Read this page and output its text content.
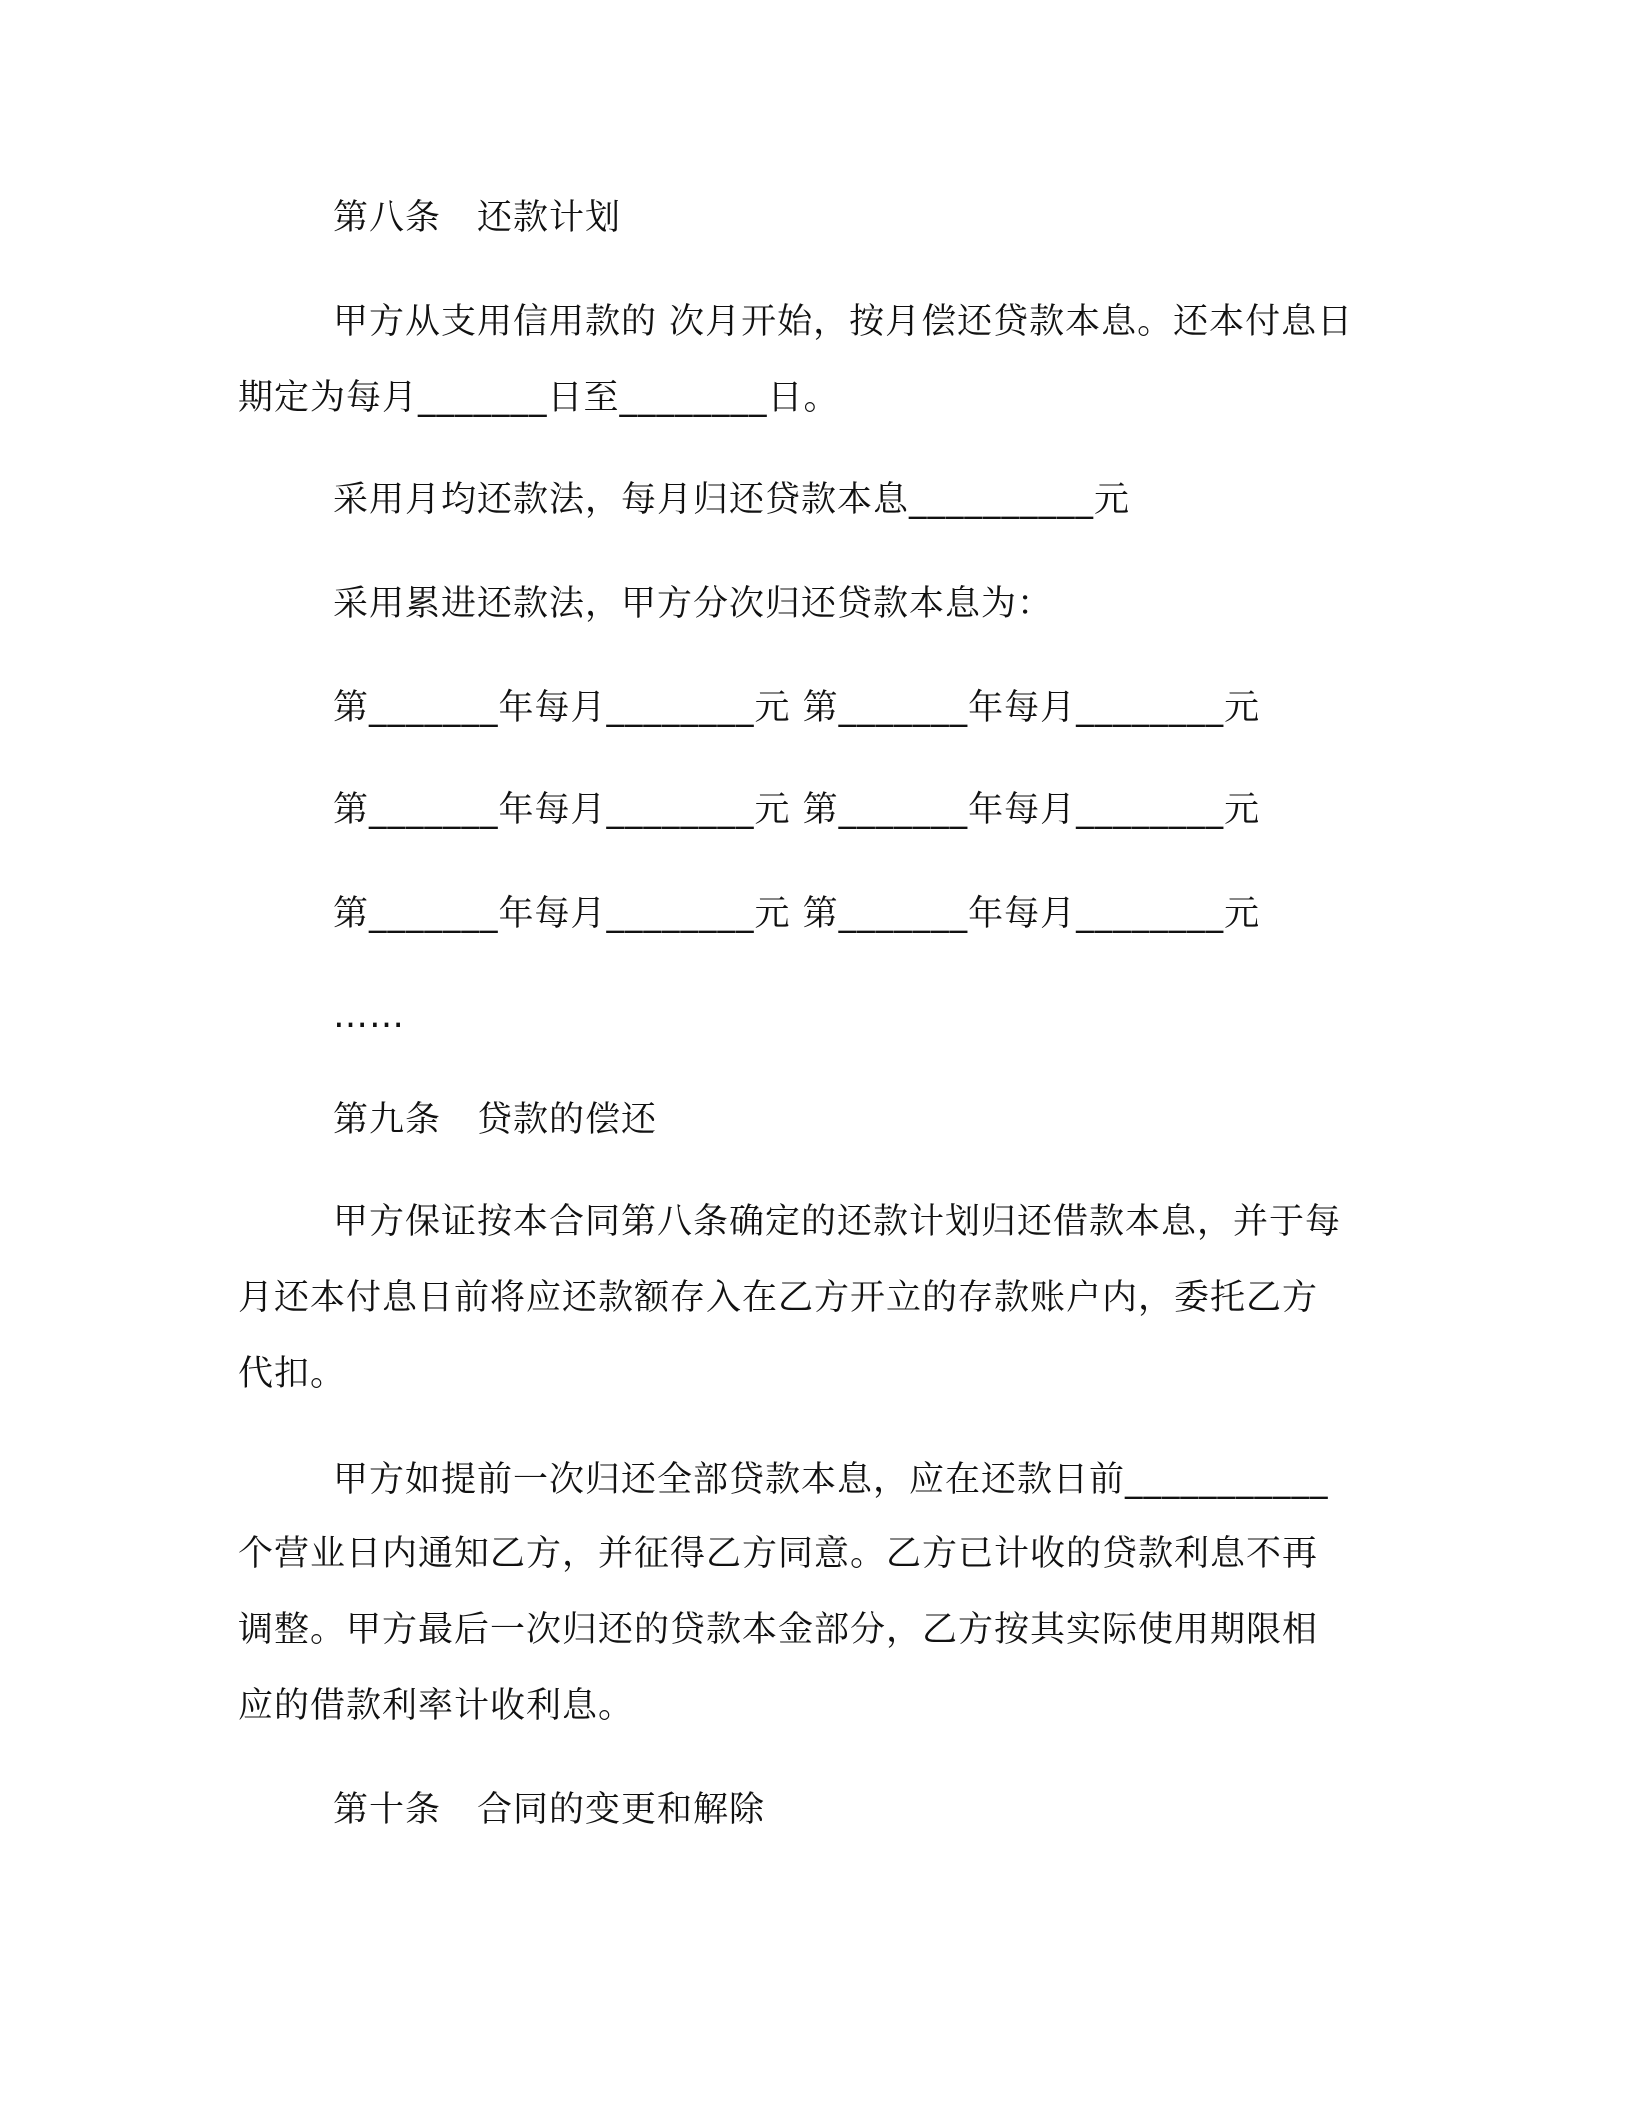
第八条　还款计划
甲方从支用信用款的 次月开始，按月偿还贷款本息。还本付息日
期定为每月_______日至________日。
采用月均还款法，每月归还贷款本息__________元
采用累进还款法，甲方分次归还贷款本息为：
第_______年每月________元 第_______年每月________元
第_______年每月________元 第_______年每月________元
第_______年每月________元 第_______年每月________元
……
第九条　贷款的偿还
甲方保证按本合同第八条确定的还款计划归还借款本息，并于每
月还本付息日前将应还款额存入在乙方开立的存款账户内，委托乙方
代扣。
甲方如提前一次归还全部贷款本息，应在还款日前___________
个营业日内通知乙方，并征得乙方同意。乙方已计收的贷款利息不再
调整。甲方最后一次归还的贷款本金部分，乙方按其实际使用期限相
应的借款利率计收利息。
第十条　合同的变更和解除
